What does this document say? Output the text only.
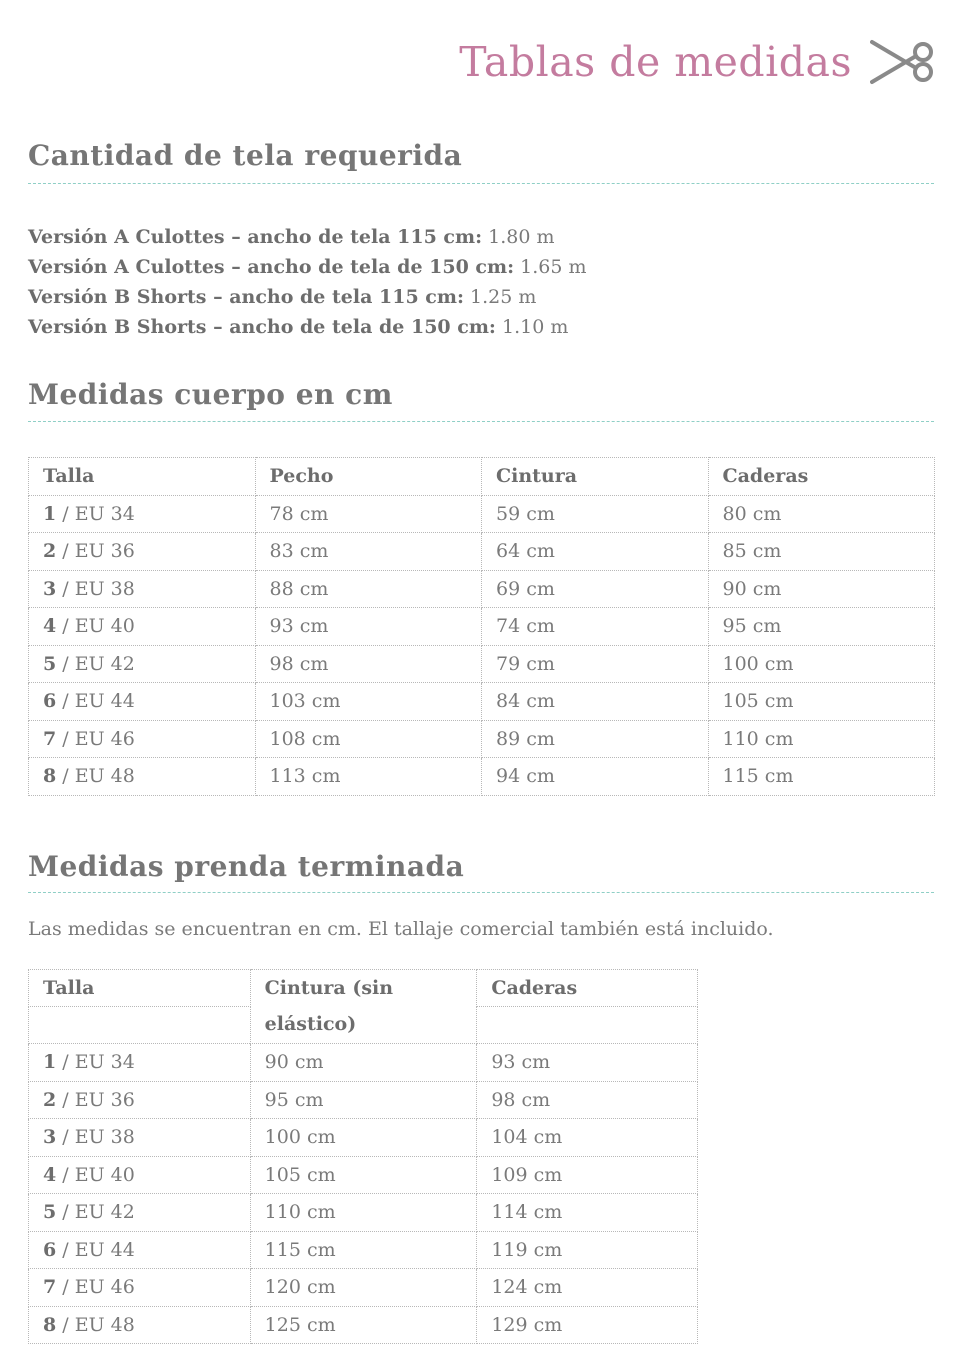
Tablas de medidas
Cantidad de tela requerida
Versión A Culottes – ancho de tela 115 cm: 1.80 m
Versión A Culottes – ancho de tela de 150 cm: 1.65 m
Versión B Shorts – ancho de tela 115 cm: 1.25 m
Versión B Shorts – ancho de tela de 150 cm: 1.10 m
Medidas cuerpo en cm
Talla	Pecho	Cintura	Caderas
1 / EU 34	78 cm	59 cm	80 cm
2 / EU 36	83 cm	64 cm	85 cm
3 / EU 38	88 cm	69 cm	90 cm
4 / EU 40	93 cm	74 cm	95 cm
5 / EU 42	98 cm	79 cm	100 cm
6 / EU 44	103 cm	84 cm	105 cm
7 / EU 46	108 cm	89 cm	110 cm
8 / EU 48	113 cm	94 cm	115 cm
Medidas prenda terminada

Las medidas se encuentran en cm. El tallaje comercial también está incluido.

Talla	Cintura (sin elástico)	Caderas

1 / EU 34	90 cm	93 cm
2 / EU 36	95 cm	98 cm
3 / EU 38	100 cm	104 cm
4 / EU 40	105 cm	109 cm
5 / EU 42	110 cm	114 cm
6 / EU 44	115 cm	119 cm
7 / EU 46	120 cm	124 cm
8 / EU 48	125 cm	129 cm
